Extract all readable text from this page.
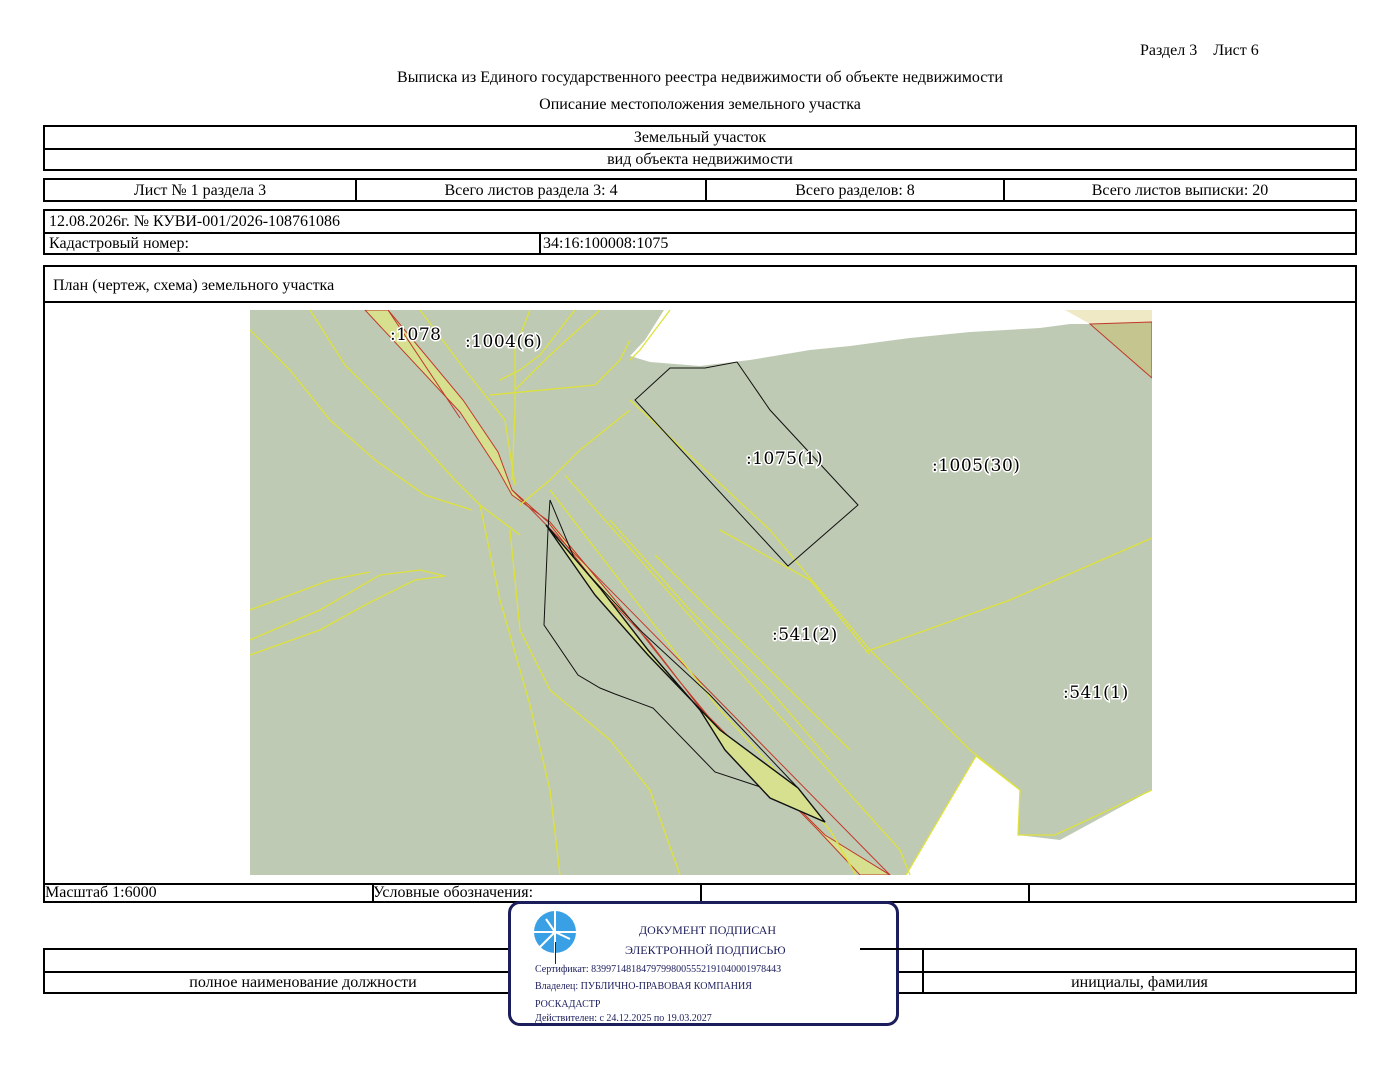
Раздел 3    Лист 6
Выписка из Единого государственного реестра недвижимости об объекте недвижимости
Описание местоположения земельного участка
Земельный участок
вид объекта недвижимости
Лист № 1 раздела 3	Всего листов раздела 3: 4	Всего разделов: 8	Всего листов выписки: 20
12.08.2026г. № КУВИ-001/2026-108761086
Кадастровый номер:	34:16:100008:1075
План (чертеж, схема) земельного участка
Масштаб 1:6000	Условные обозначения:
:1078 :1004(6)
:1075(1)	:1005(30)
:541(2)
:541(1)
полное наименование должности	инициалы, фамилия
ДОКУМЕНТ ПОДПИСАН
ЭЛЕКТРОННОЙ ПОДПИСЬЮ
Сертификат: 8399714818479799800555219104000197844З
Владелец: ПУБЛИЧНО-ПРАВОВАЯ КОМПАНИЯ
РОСКАДАСТР
Действителен: с 24.12.2025 по 19.03.2027
